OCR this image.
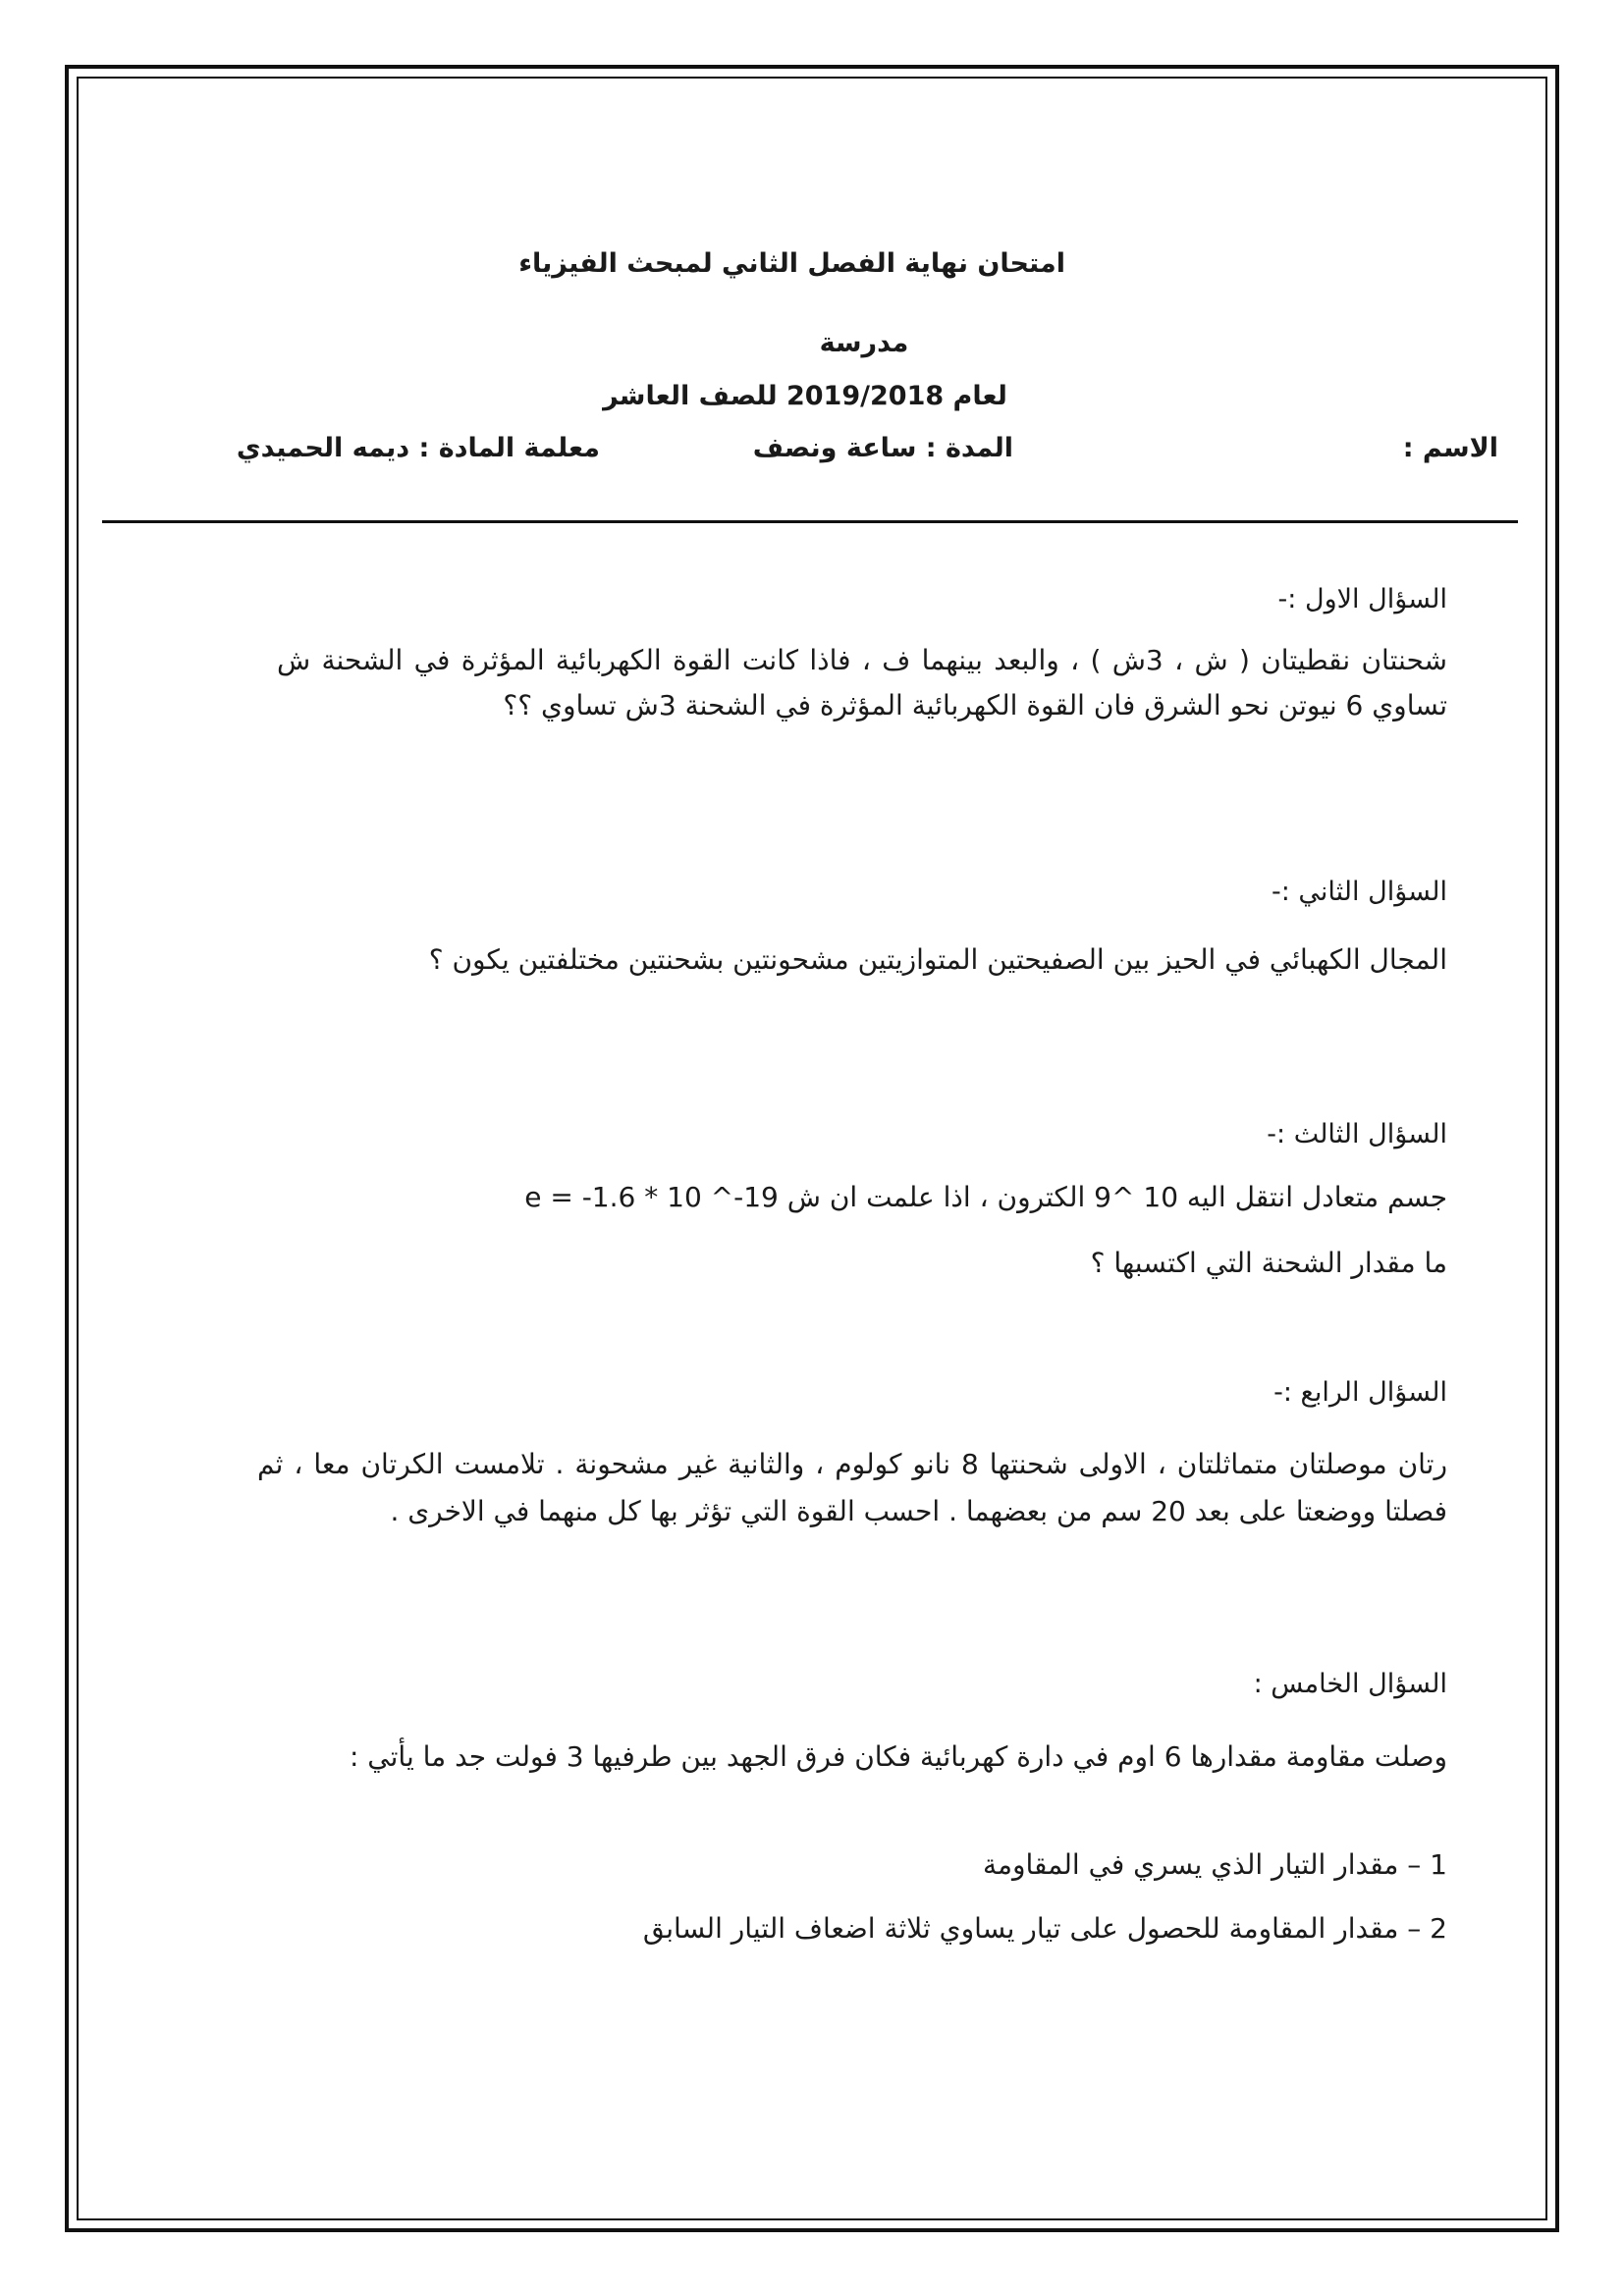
امتحان نهاية الفصل الثاني لمبحث الفيزياء
مدرسة
لعام 2019/2018 للصف العاشر
الاسم :
المدة : ساعة ونصف
معلمة المادة : ديمه الحميدي
السؤال الاول :-
شحنتان نقطيتان ( ش ، 3ش ) ، والبعد بينهما ف ، فاذا كانت القوة الكهربائية المؤثرة في الشحنة ش تساوي 6 نيوتن نحو الشرق فان القوة الكهربائية المؤثرة في الشحنة 3ش تساوي ؟؟
السؤال الثاني :-
المجال الكهبائي في الحيز بين الصفيحتين المتوازيتين مشحونتين بشحنتين مختلفتين يكون ؟
السؤال الثالث :-
جسم متعادل انتقل اليه 10 ^9 الكترون ، اذا علمت ان ش e = -1.6 * 10 ^-19
ما مقدار الشحنة التي اكتسبها ؟
السؤال الرابع :-
رتان موصلتان متماثلتان ، الاولى شحنتها 8 نانو كولوم ، والثانية غير مشحونة . تلامست الكرتان معا ، ثم فصلتا ووضعتا على بعد 20 سم من بعضهما . احسب القوة التي تؤثر بها كل منهما في الاخرى .
السؤال الخامس :
وصلت مقاومة مقدارها 6 اوم في دارة كهربائية فكان فرق الجهد بين طرفيها 3 فولت جد ما يأتي :
1 – مقدار التيار الذي يسري في المقاومة
2 – مقدار المقاومة للحصول على تيار يساوي ثلاثة اضعاف التيار السابق
